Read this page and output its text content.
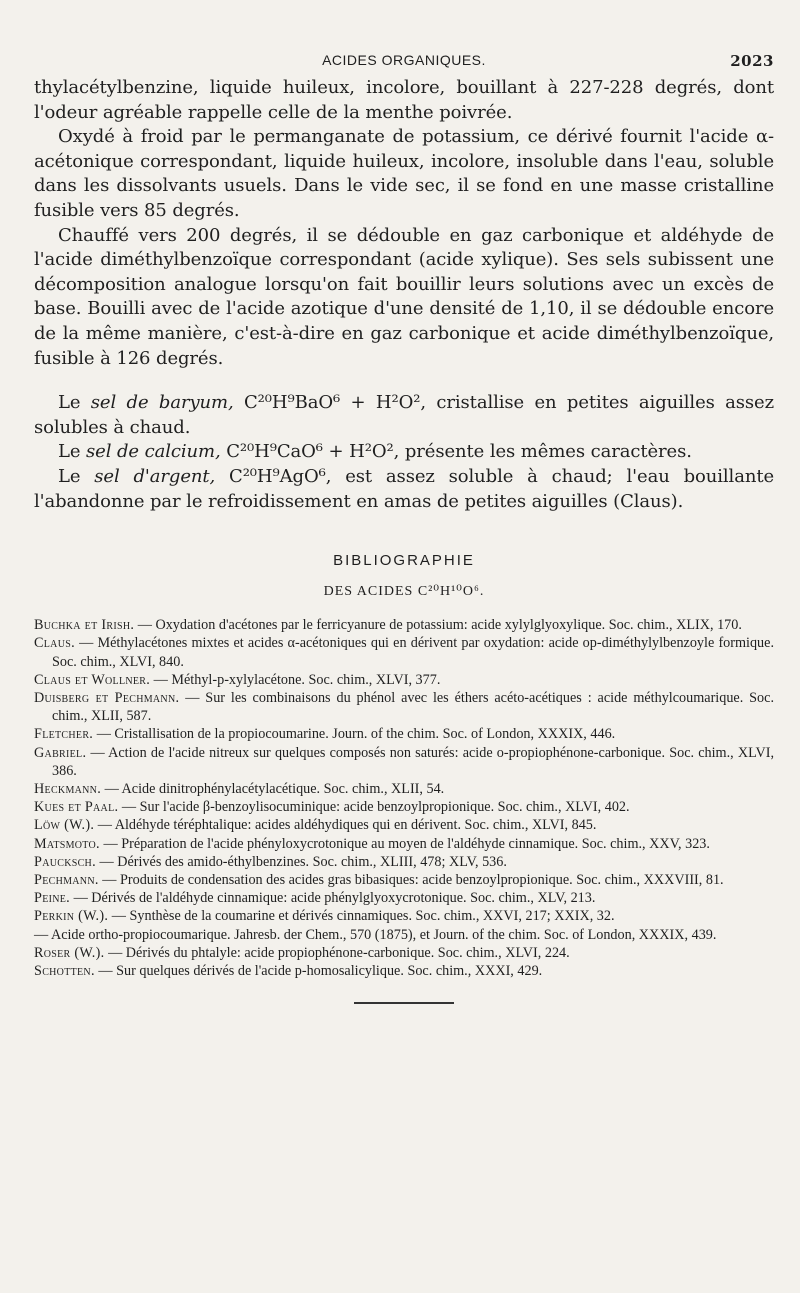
ACIDES ORGANIQUES.	2023

thylacétylbenzine, liquide huileux, incolore, bouillant à 227-228 degrés, dont l'odeur agréable rappelle celle de la menthe poivrée.

Oxydé à froid par le permanganate de potassium, ce dérivé fournit l'acide α-acétonique correspondant, liquide huileux, incolore, insoluble dans l'eau, soluble dans les dissolvants usuels. Dans le vide sec, il se fond en une masse cristalline fusible vers 85 degrés.

Chauffé vers 200 degrés, il se dédouble en gaz carbonique et aldéhyde de l'acide diméthylbenzoïque correspondant (acide xylique). Ses sels subissent une décomposition analogue lorsqu'on fait bouillir leurs solutions avec un excès de base. Bouilli avec de l'acide azotique d'une densité de 1,10, il se dédouble encore de la même manière, c'est-à-dire en gaz carbonique et acide diméthylbenzoïque, fusible à 126 degrés.

Le sel de baryum, C²⁰H⁹BaO⁶ + H²O², cristallise en petites aiguilles assez solubles à chaud.

Le sel de calcium, C²⁰H⁹CaO⁶ + H²O², présente les mêmes caractères.

Le sel d'argent, C²⁰H⁹AgO⁶, est assez soluble à chaud; l'eau bouillante l'abandonne par le refroidissement en amas de petites aiguilles (Claus).

BIBLIOGRAPHIE
DES ACIDES C²⁰H¹⁰O⁶.

Buchka et Irish. — Oxydation d'acétones par le ferricyanure de potassium: acide xylylglyoxylique. Soc. chim., XLIX, 170.

Claus. — Méthylacétones mixtes et acides α-acétoniques qui en dérivent par oxydation: acide op-diméthylylbenzoyle formique. Soc. chim., XLVI, 840.

Claus et Wollner. — Méthyl-p-xylylacétone. Soc. chim., XLVI, 377.

Duisberg et Pechmann. — Sur les combinaisons du phénol avec les éthers acéto-acétiques : acide méthylcoumarique. Soc. chim., XLII, 587.

Fletcher. — Cristallisation de la propiocoumarine. Journ. of the chim. Soc. of London, XXXIX, 446.

Gabriel. — Action de l'acide nitreux sur quelques composés non saturés: acide o-propiophénone-carbonique. Soc. chim., XLVI, 386.

Heckmann. — Acide dinitrophénylacétylacétique. Soc. chim., XLII, 54.

Kues et Paal. — Sur l'acide β-benzoylisocuminique: acide benzoylpropionique. Soc. chim., XLVI, 402.

Löw (W.). — Aldéhyde téréphtalique: acides aldéhydiques qui en dérivent. Soc. chim., XLVI, 845.

Matsmoto. — Préparation de l'acide phényloxycrotonique au moyen de l'aldéhyde cinnamique. Soc. chim., XXV, 323.

Paucksch. — Dérivés des amido-éthylbenzines. Soc. chim., XLIII, 478; XLV, 536.

Pechmann. — Produits de condensation des acides gras bibasiques: acide benzoylpropionique. Soc. chim., XXXVIII, 81.

Peine. — Dérivés de l'aldéhyde cinnamique: acide phénylglyoxycrotonique. Soc. chim., XLV, 213.

Perkin (W.). — Synthèse de la coumarine et dérivés cinnamiques. Soc. chim., XXVI, 217; XXIX, 32.

— Acide ortho-propiocoumarique. Jahresb. der Chem., 570 (1875), et Journ. of the chim. Soc. of London, XXXIX, 439.

Roser (W.). — Dérivés du phtalyle: acide propiophénone-carbonique. Soc. chim., XLVI, 224.

Schotten. — Sur quelques dérivés de l'acide p-homosalicylique. Soc. chim., XXXI, 429.
